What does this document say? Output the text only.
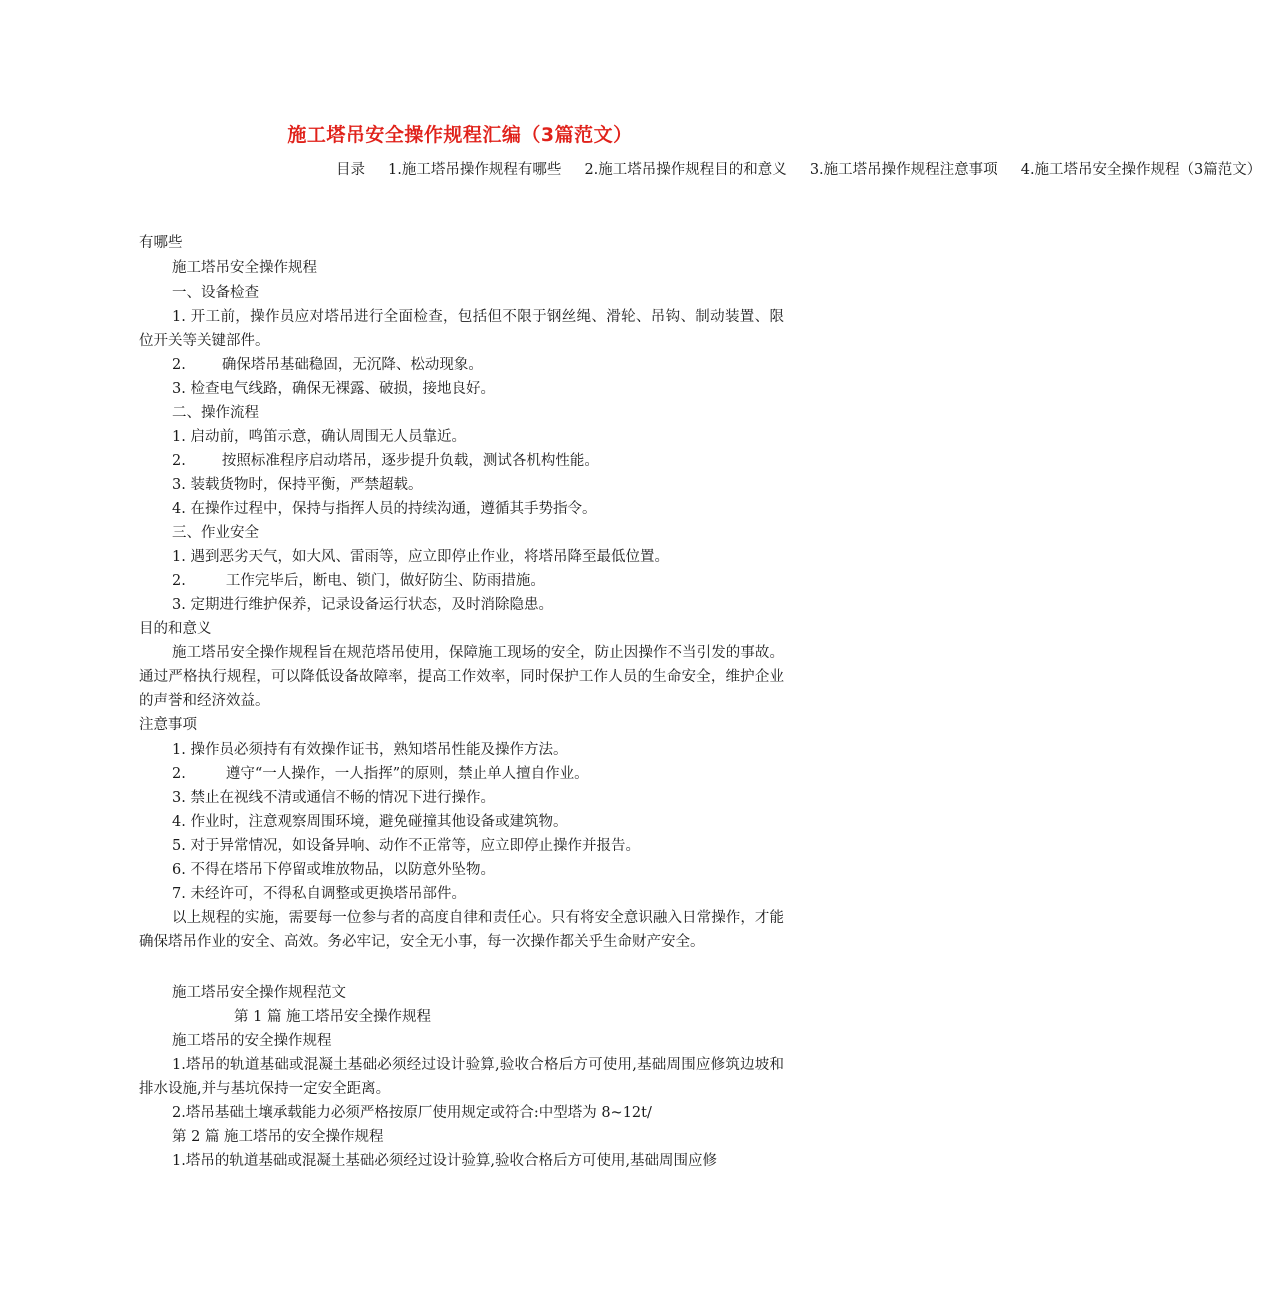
施工塔吊安全操作规程汇编（3篇范文）
目录 1.施工塔吊操作规程有哪些 2.施工塔吊操作规程目的和意义 3.施工塔吊操作规程注意事项 4.施工塔吊安全操作规程（3篇范文）
有哪些
施工塔吊安全操作规程
一、设备检查
1. 开工前，操作员应对塔吊进行全面检查，包括但不限于钢丝绳、滑轮、吊钩、制动装置、限位开关等关键部件。
2. 确保塔吊基础稳固，无沉降、松动现象。
3. 检查电气线路，确保无裸露、破损，接地良好。
二、操作流程
1. 启动前，鸣笛示意，确认周围无人员靠近。
2. 按照标准程序启动塔吊，逐步提升负载，测试各机构性能。
3. 装载货物时，保持平衡，严禁超载。
4. 在操作过程中，保持与指挥人员的持续沟通，遵循其手势指令。
三、作业安全
1. 遇到恶劣天气，如大风、雷雨等，应立即停止作业，将塔吊降至最低位置。
2.	工作完毕后，断电、锁门，做好防尘、防雨措施。
3. 定期进行维护保养，记录设备运行状态，及时消除隐患。
目的和意义
施工塔吊安全操作规程旨在规范塔吊使用，保障施工现场的安全，防止因操作不当引发的事故。通过严格执行规程，可以降低设备故障率，提高工作效率，同时保护工作人员的生命安全，维护企业的声誉和经济效益。
注意事项
1. 操作员必须持有有效操作证书，熟知塔吊性能及操作方法。
2.	遵守“一人操作，一人指挥”的原则，禁止单人擅自作业。
3. 禁止在视线不清或通信不畅的情况下进行操作。
4. 作业时，注意观察周围环境，避免碰撞其他设备或建筑物。
5. 对于异常情况，如设备异响、动作不正常等，应立即停止操作并报告。
6. 不得在塔吊下停留或堆放物品，以防意外坠物。
7. 未经许可，不得私自调整或更换塔吊部件。
以上规程的实施，需要每一位参与者的高度自律和责任心。只有将安全意识融入日常操作，才能确保塔吊作业的安全、高效。务必牢记，安全无小事，每一次操作都关乎生命财产安全。
施工塔吊安全操作规程范文
第 1 篇 施工塔吊安全操作规程
施工塔吊的安全操作规程
1.塔吊的轨道基础或混凝土基础必须经过设计验算,验收合格后方可使用,基础周围应修筑边坡和排水设施,并与基坑保持一定安全距离。
2.塔吊基础土壤承载能力必须严格按原厂使用规定或符合:中型塔为 8~12t/
第 2 篇 施工塔吊的安全操作规程
1.塔吊的轨道基础或混凝土基础必须经过设计验算,验收合格后方可使用,基础周围应修
